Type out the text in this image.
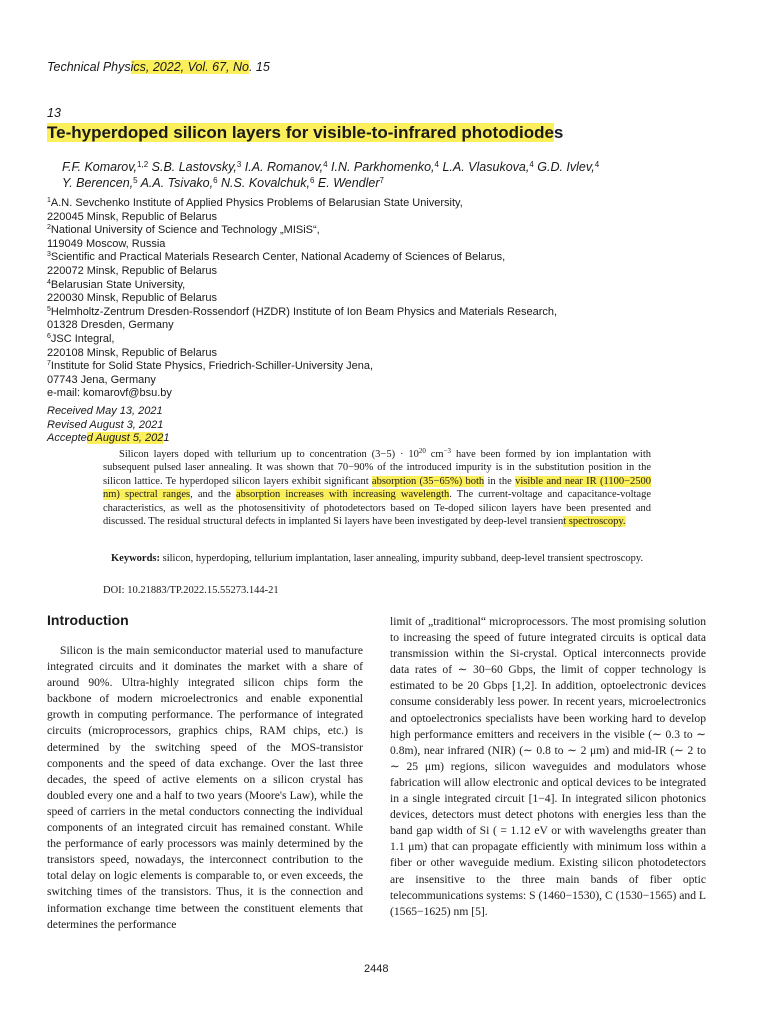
Technical Physics, 2022, Vol. 67, No. 15
13
Te-hyperdoped silicon layers for visible-to-infrared photodiodes
F.F. Komarov,$^{1,2}$ S.B. Lastovsky,$^3$ I.A. Romanov,$^4$ I.N. Parkhomenko,$^4$ L.A. Vlasukova,$^4$ G.D. Ivlev,$^4$
Y. Berencen,$^5$ A.A. Tsivako,$^6$ N.S. Kovalchuk,$^6$ E. Wendler$^7$
$^1$A.N. Sevchenko Institute of Applied Physics Problems of Belarusian State University,
220045 Minsk, Republic of Belarus
$^2$National University of Science and Technology „MISiS“,
119049 Moscow, Russia
$^3$Scientific and Practical Materials Research Center, National Academy of Sciences of Belarus,
220072 Minsk, Republic of Belarus
$^4$Belarusian State University,
220030 Minsk, Republic of Belarus
$^5$Helmholtz-Zentrum Dresden-Rossendorf (HZDR) Institute of Ion Beam Physics and Materials Research,
01328 Dresden, Germany
$^6$JSC Integral,
220108 Minsk, Republic of Belarus
$^7$Institute for Solid State Physics, Friedrich-Schiller-University Jena,
07743 Jena, Germany
e-mail: komarovf@bsu.by
Received May 13, 2021
Revised August 3, 2021
Accepted August 5, 2021
Silicon layers doped with tellurium up to concentration $(3-5) \cdot 10^{20}$ $cm^{-3}$ have been formed by ion implantation with subsequent pulsed laser annealing. It was shown that 70−90% of the introduced impurity is in the substitution position in the silicon lattice. Te hyperdoped silicon layers exhibit significant absorption (35−65%) both in the visible and near IR (1100−2500 nm) spectral ranges, and the absorption increases with increasing wavelength. The current-voltage and capacitance-voltage characteristics, as well as the photosensitivity of photodetectors based on Te-doped silicon layers have been presented and discussed. The residual structural defects in implanted Si layers have been investigated by deep-level transient spectroscopy.
Keywords: silicon, hyperdoping, tellurium implantation, laser annealing, impurity subband, deep-level transient spectroscopy.
DOI: 10.21883/TP.2022.15.55273.144-21
Introduction
Silicon is the main semiconductor material used to manufacture integrated circuits and it dominates the market with a share of around 90%. Ultra-highly integrated silicon chips form the backbone of modern microelectronics and enable exponential growth in computing performance. The performance of integrated circuits (microprocessors, graphics chips, RAM chips, etc.) is determined by the switching speed of the MOS-transistor components and the speed of data exchange. Over the last three decades, the speed of active elements on a silicon crystal has doubled every one and a half to two years (Moore's Law), while the speed of carriers in the metal conductors connecting the individual components of an integrated circuit has remained constant. While the performance of early processors was mainly determined by the transistors speed, nowadays, the interconnect contribution to the total delay on logic elements is comparable to, or even exceeds, the switching times of the transistors. Thus, it is the connection and information exchange time between the constituent elements that determines the performance
limit of „traditional“ microprocessors. The most promising solution to increasing the speed of future integrated circuits is optical data transmission within the Si-crystal. Optical interconnects provide data rates of ∼ 30−60 Gbps, the limit of copper technology is estimated to be 20 Gbps [1,2]. In addition, optoelectronic devices consume considerably less power. In recent years, microelectronics and optoelectronics specialists have been working hard to develop high performance emitters and receivers in the visible (∼ 0.3 to ∼ 0.8m), near infrared (NIR) (∼ 0.8 to ∼ 2 μm) and mid-IR (∼ 2 to ∼ 25 μm) regions, silicon waveguides and modulators whose fabrication will allow electronic and optical devices to be integrated in a single integrated circuit [1−4]. In integrated silicon photonics devices, detectors must detect photons with energies less than the band gap width of Si ( = 1.12 eV or with wavelengths greater than 1.1 μm) that can propagate efficiently with minimum loss within a fiber or other waveguide medium. Existing silicon photodetectors are insensitive to the three main bands of fiber optic telecommunications systems: S (1460−1530), C (1530−1565) and L (1565−1625) nm [5].
2448
